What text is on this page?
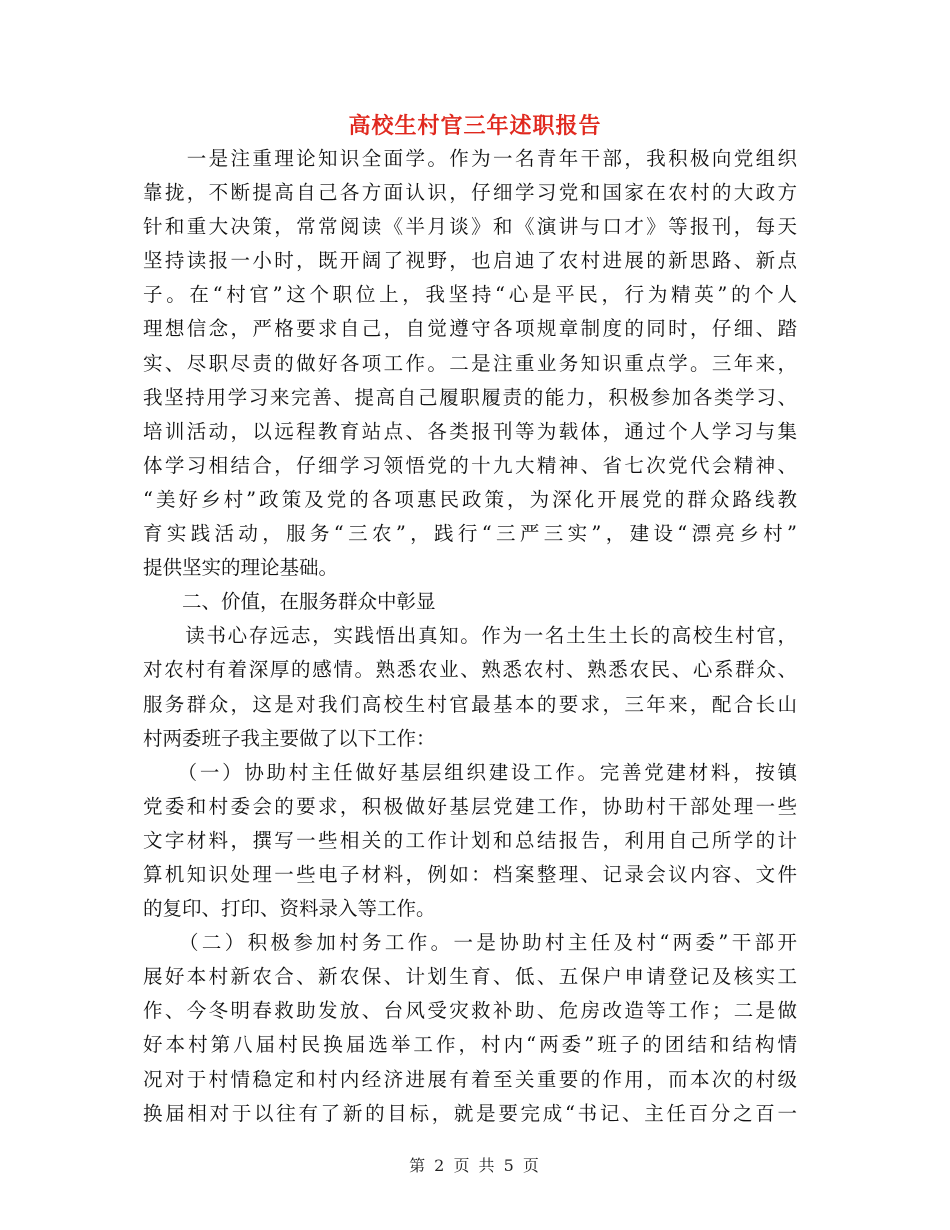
高校生村官三年述职报告
　　一是注重理论知识全面学。作为一名青年干部，我积极向党组织
靠拢，不断提高自己各方面认识，仔细学习党和国家在农村的大政方
针和重大决策，常常阅读《半月谈》和《演讲与口才》等报刊，每天
坚持读报一小时，既开阔了视野，也启迪了农村进展的新思路、新点
子。在“村官”这个职位上，我坚持“心是平民，行为精英”的个人
理想信念，严格要求自己，自觉遵守各项规章制度的同时，仔细、踏
实、尽职尽责的做好各项工作。二是注重业务知识重点学。三年来，
我坚持用学习来完善、提高自己履职履责的能力，积极参加各类学习、
培训活动，以远程教育站点、各类报刊等为载体，通过个人学习与集
体学习相结合，仔细学习领悟党的十九大精神、省七次党代会精神、
“美好乡村”政策及党的各项惠民政策，为深化开展党的群众路线教
育实践活动，服务“三农”，践行“三严三实”，建设“漂亮乡村”
提供坚实的理论基础。
　　二、价值，在服务群众中彰显
　　读书心存远志，实践悟出真知。作为一名土生土长的高校生村官，
对农村有着深厚的感情。熟悉农业、熟悉农村、熟悉农民、心系群众、
服务群众，这是对我们高校生村官最基本的要求，三年来，配合长山
村两委班子我主要做了以下工作：
　　（一）协助村主任做好基层组织建设工作。完善党建材料，按镇
党委和村委会的要求，积极做好基层党建工作，协助村干部处理一些
文字材料，撰写一些相关的工作计划和总结报告，利用自己所学的计
算机知识处理一些电子材料，例如：档案整理、记录会议内容、文件
的复印、打印、资料录入等工作。
　　（二）积极参加村务工作。一是协助村主任及村“两委”干部开
展好本村新农合、新农保、计划生育、低、五保户申请登记及核实工
作、今冬明春救助发放、台风受灾救补助、危房改造等工作；二是做
好本村第八届村民换届选举工作，村内“两委”班子的团结和结构情
况对于村情稳定和村内经济进展有着至关重要的作用，而本次的村级
换届相对于以往有了新的目标，就是要完成“书记、主任百分之百一
第 2 页 共 5 页
